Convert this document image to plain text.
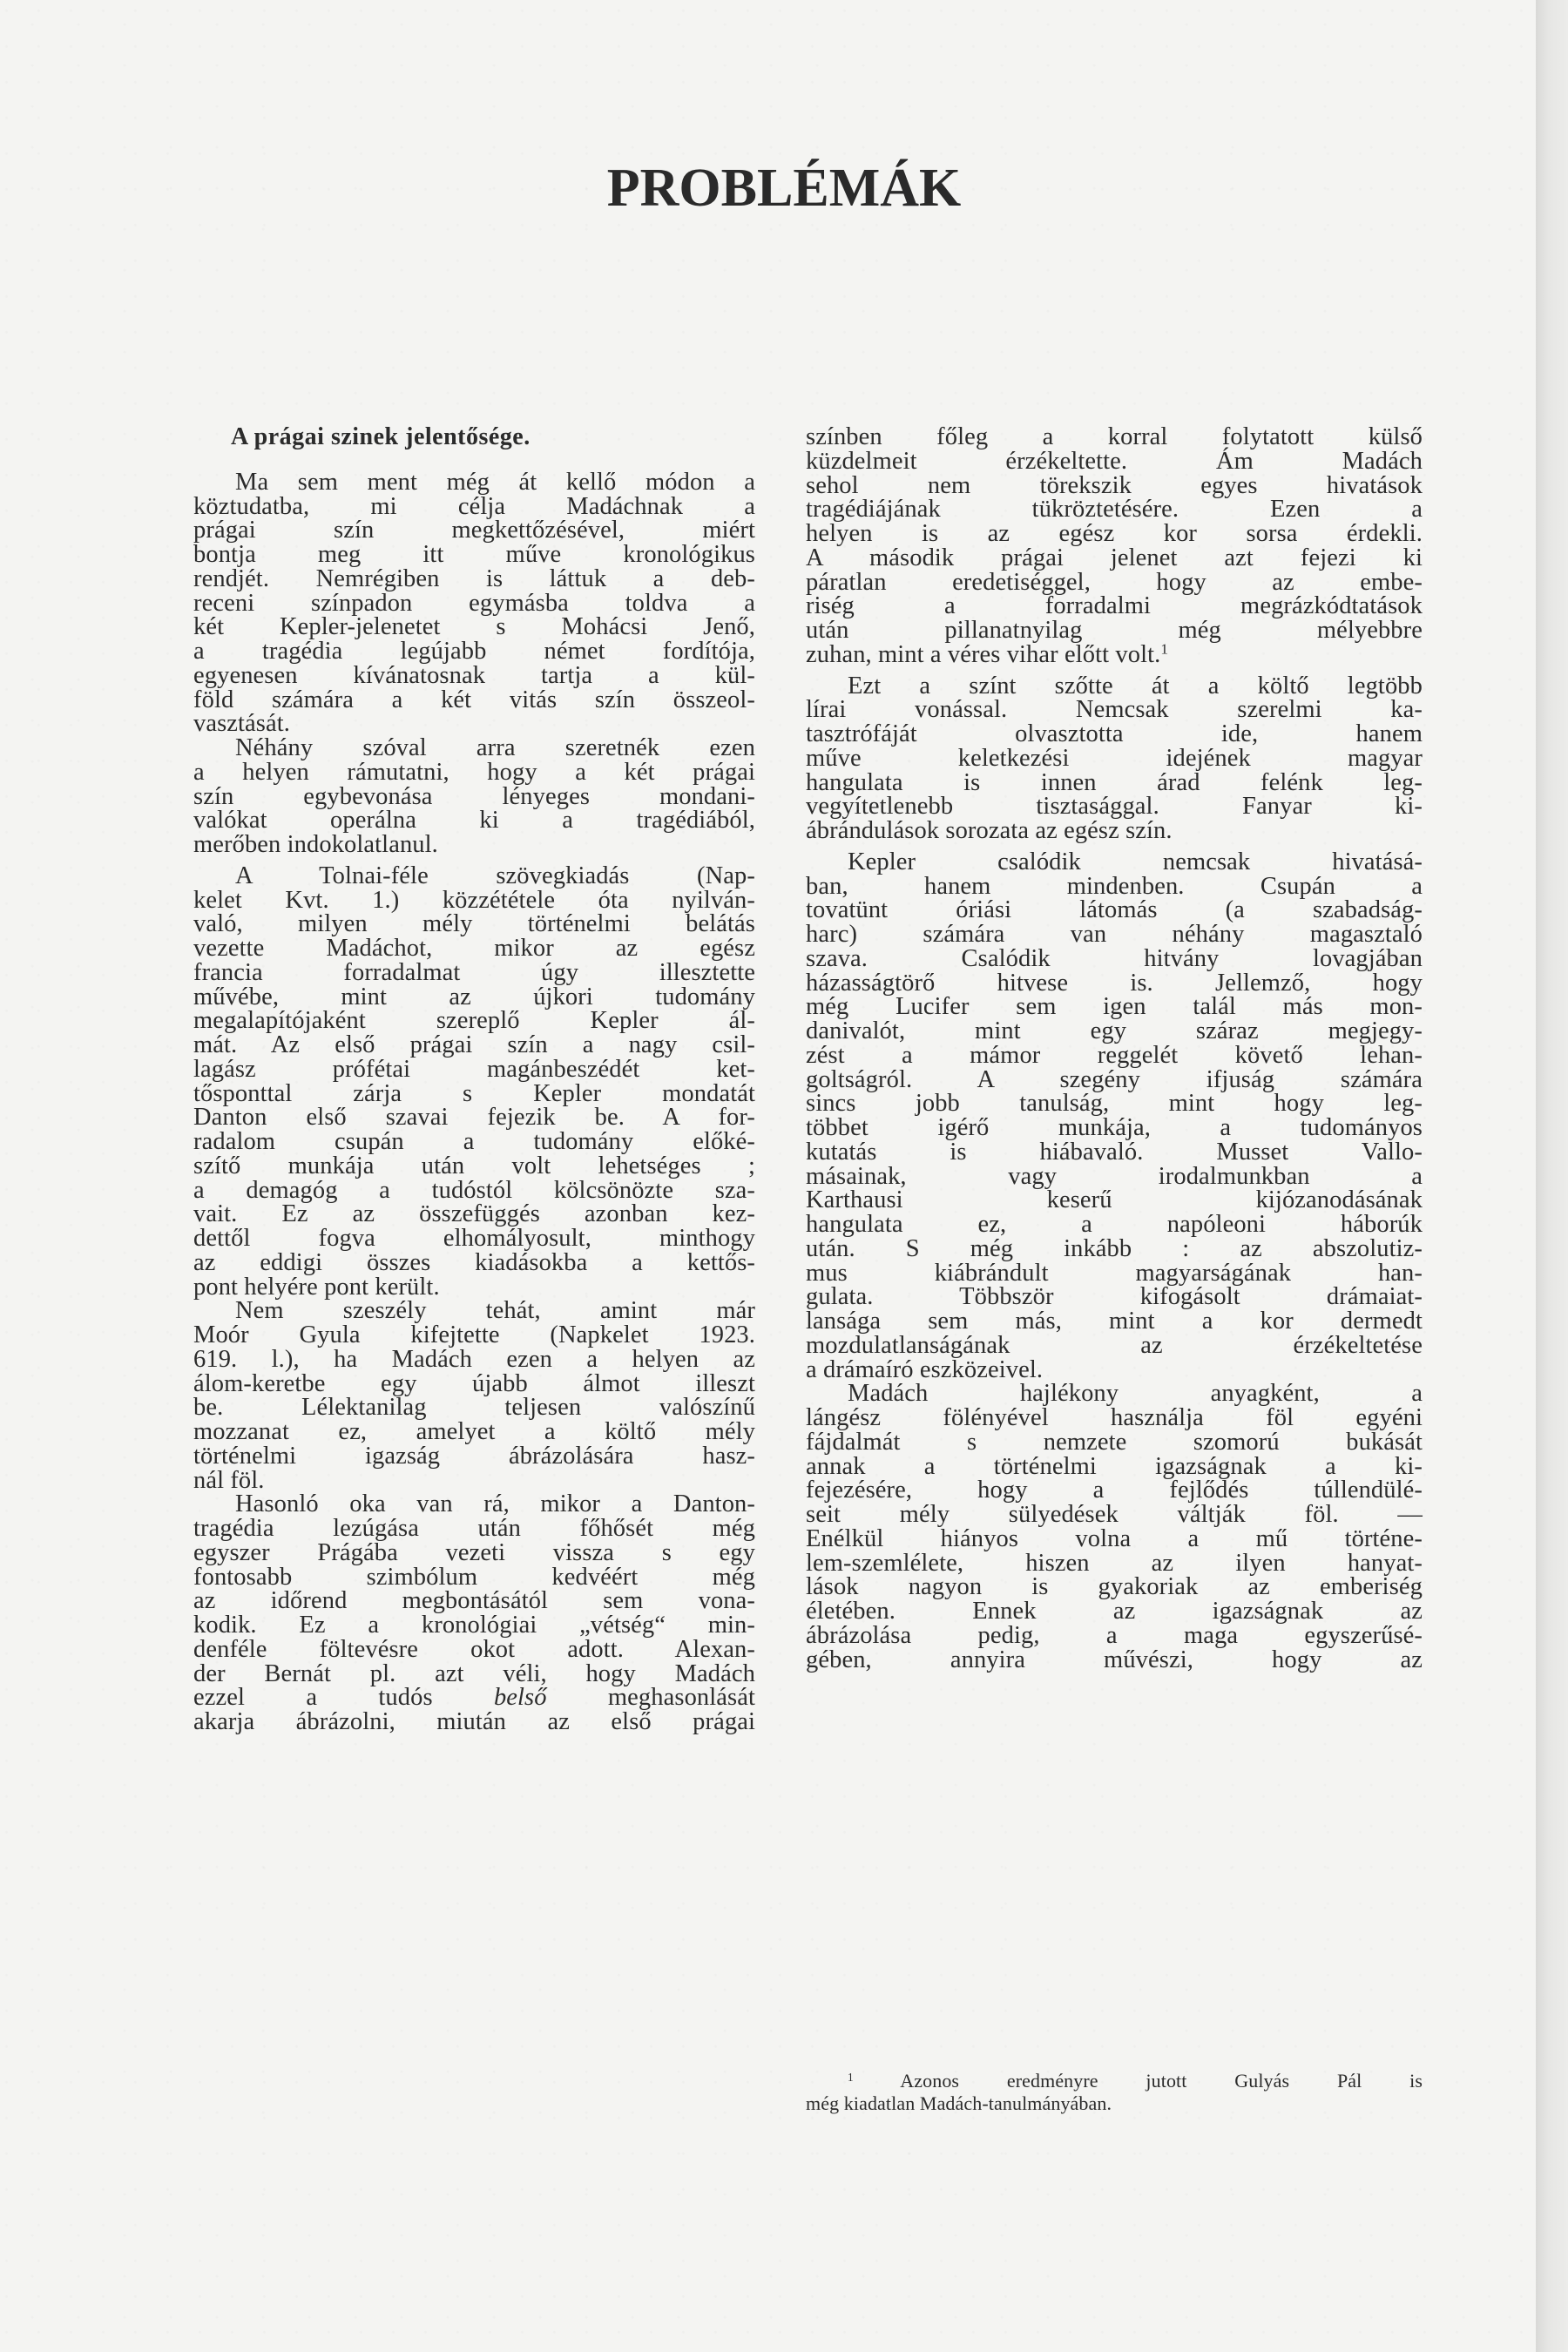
PROBLÉMÁK
A prágai szinek jelentősége.
Ma sem ment még át kellő módon a
köztudatba, mi célja Madáchnak a
prágai szín megkettőzésével, miért
bontja meg itt műve kronológikus
rendjét. Nemrégiben is láttuk a deb-
receni színpadon egymásba toldva a
két Kepler-jelenetet s Mohácsi Jenő,
a tragédia legújabb német fordítója,
egyenesen kívánatosnak tartja a kül-
föld számára a két vitás szín összeol-
vasztását.
Néhány szóval arra szeretnék ezen
a helyen rámutatni, hogy a két prágai
szín egybevonása lényeges mondani-
valókat operálna ki a tragédiából,
merőben indokolatlanul.
A Tolnai-féle szövegkiadás (Nap-
kelet Kvt. 1.) közzététele óta nyilván-
való, milyen mély történelmi belátás
vezette Madáchot, mikor az egész
francia forradalmat úgy illesztette
művébe, mint az újkori tudomány
megalapítójaként szereplő Kepler ál-
mát. Az első prágai szín a nagy csil-
lagász prófétai magánbeszédét ket-
tősponttal zárja s Kepler mondatát
Danton első szavai fejezik be. A for-
radalom csupán a tudomány előké-
szítő munkája után volt lehetséges ;
a demagóg a tudóstól kölcsönözte sza-
vait. Ez az összefüggés azonban kez-
dettől fogva elhomályosult, minthogy
az eddigi összes kiadásokba a kettős-
pont helyére pont került.
Nem szeszély tehát, amint már
Moór Gyula kifejtette (Napkelet 1923.
619. l.), ha Madách ezen a helyen az
álom-keretbe egy újabb álmot illeszt
be. Lélektanilag teljesen valószínű
mozzanat ez, amelyet a költő mély
történelmi igazság ábrázolására hasz-
nál föl.
Hasonló oka van rá, mikor a Danton-
tragédia lezúgása után főhősét még
egyszer Prágába vezeti vissza s egy
fontosabb szimbólum kedvéért még
az időrend megbontásától sem vona-
kodik. Ez a kronológiai „vétség“ min-
denféle föltevésre okot adott. Alexan-
der Bernát pl. azt véli, hogy Madách
ezzel a tudós belső meghasonlását
akarja ábrázolni, miután az első prágai
színben főleg a korral folytatott külső
küzdelmeit érzékeltette. Ám Madách
sehol nem törekszik egyes hivatások
tragédiájának tükröztetésére. Ezen a
helyen is az egész kor sorsa érdekli.
A második prágai jelenet azt fejezi ki
páratlan eredetiséggel, hogy az embe-
riség a forradalmi megrázkódtatások
után pillanatnyilag még mélyebbre
zuhan, mint a véres vihar előtt volt.$^1$
Ezt a színt szőtte át a költő legtöbb
lírai vonással. Nemcsak szerelmi ka-
tasztrófáját olvasztotta ide, hanem
műve keletkezési idejének magyar
hangulata is innen árad felénk leg-
vegyítetlenebb tisztasággal. Fanyar ki-
ábrándulások sorozata az egész szín.
Kepler csalódik nemcsak hivatásá-
ban, hanem mindenben. Csupán a
tovatünt óriási látomás (a szabadság-
harc) számára van néhány magasztaló
szava. Csalódik hitvány lovagjában
házasságtörő hitvese is. Jellemző, hogy
még Lucifer sem igen talál más mon-
danivalót, mint egy száraz megjegy-
zést a mámor reggelét követő lehan-
goltságról. A szegény ifjuság számára
sincs jobb tanulság, mint hogy leg-
többet igérő munkája, a tudományos
kutatás is hiábavaló. Musset Vallo-
másainak, vagy irodalmunkban a
Karthausi keserű kijózanodásának
hangulata ez, a napóleoni háborúk
után. S még inkább : az abszolutiz-
mus kiábrándult magyarságának han-
gulata. Többször kifogásolt drámaiat-
lansága sem más, mint a kor dermedt
mozdulatlanságának az érzékeltetése
a drámaíró eszközeivel.
Madách hajlékony anyagként, a
lángész fölényével használja föl egyéni
fájdalmát s nemzete szomorú bukását
annak a történelmi igazságnak a ki-
fejezésére, hogy a fejlődés túllendülé-
seit mély sülyedések váltják föl. —
Enélkül hiányos volna a mű történe-
lem-szemlélete, hiszen az ilyen hanyat-
lások nagyon is gyakoriak az emberiség
életében. Ennek az igazságnak az
ábrázolása pedig, a maga egyszerűsé-
gében, annyira művészi, hogy az
$^1$ Azonos eredményre jutott Gulyás Pál is
még kiadatlan Madách-tanulmányában.
